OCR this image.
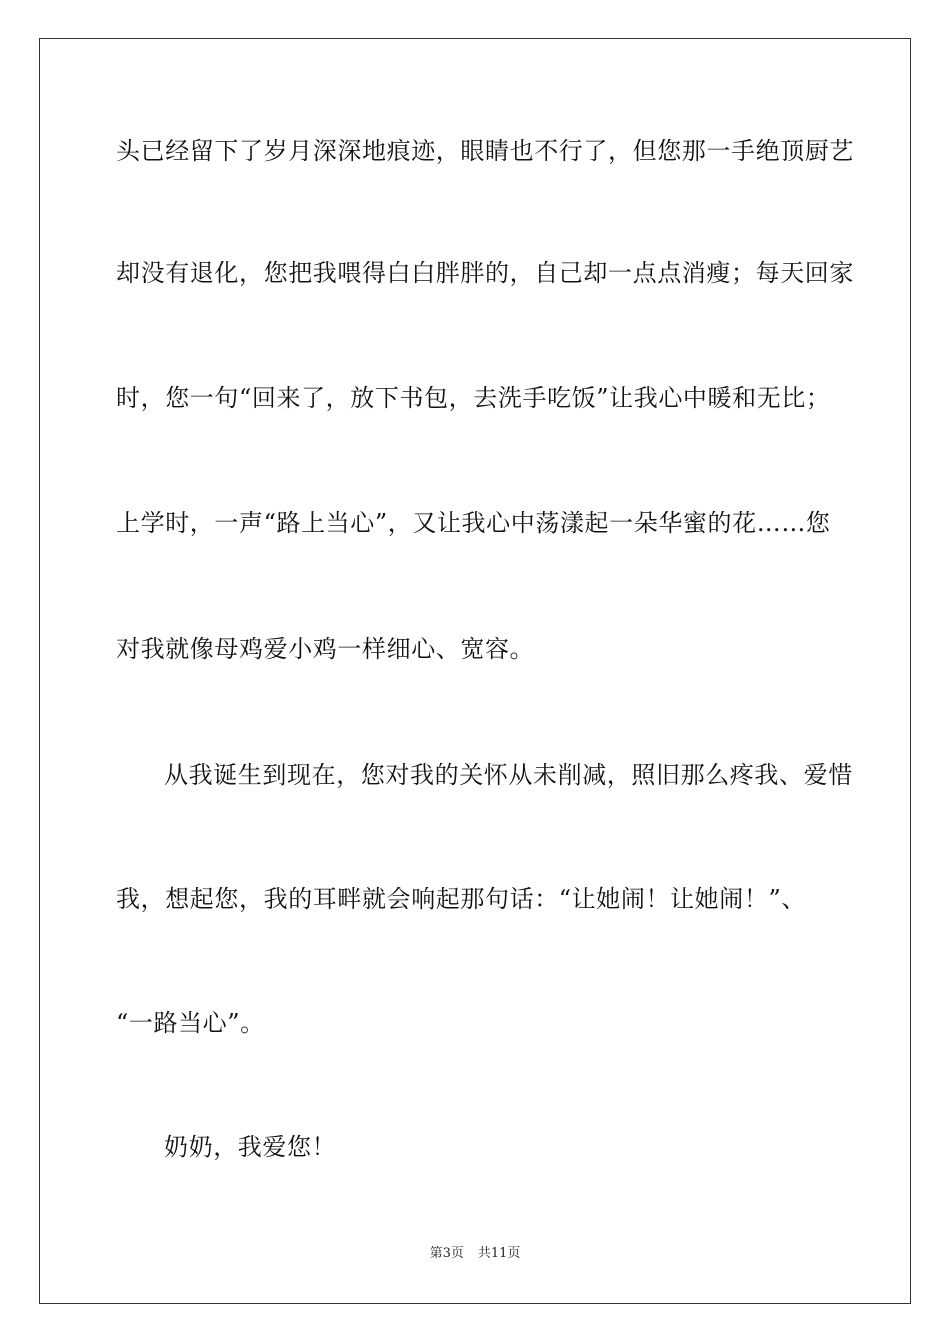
头已经留下了岁月深深地痕迹，眼睛也不行了，但您那一手绝顶厨艺
却没有退化，您把我喂得白白胖胖的，自己却一点点消瘦；每天回家
时，您一句“回来了，放下书包，去洗手吃饭”让我心中暖和无比；
上学时，一声“路上当心”，又让我心中荡漾起一朵华蜜的花……您
对我就像母鸡爱小鸡一样细心、宽容。
从我诞生到现在，您对我的关怀从未削减，照旧那么疼我、爱惜
我，想起您，我的耳畔就会响起那句话：“让她闹！让她闹！”、
“一路当心”。
奶奶，我爱您！
第3页 共11页
